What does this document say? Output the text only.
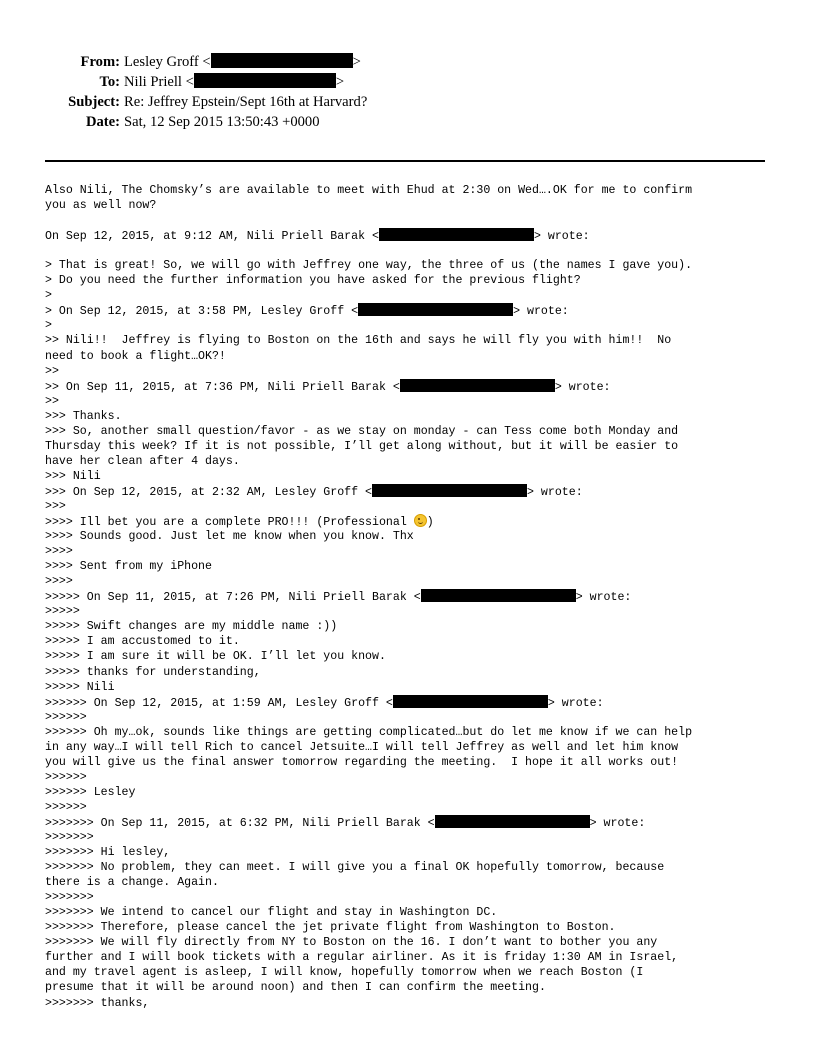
From: Lesley Groff <	>
To: Nili Priell <	>
Subject: Re: Jeffrey Epstein/Sept 16th at Harvard?
Date: Sat, 12 Sep 2015 13:50:43 +0000
Also Nili, The Chomsky’s are available to meet with Ehud at 2:30 on Wed….OK for me to confirm
you as well now?
On Sep 12, 2015, at 9:12 AM, Nili Priell Barak <	> wrote:
> That is great! So, we will go with Jeffrey one way, the three of us (the names I gave you).
> Do you need the further information you have asked for the previous flight?
>
> On Sep 12, 2015, at 3:58 PM, Lesley Groff <	> wrote:
>
>> Nili!!  Jeffrey is flying to Boston on the 16th and says he will fly you with him!!  No
need to book a flight…OK?!
>>
>> On Sep 11, 2015, at 7:36 PM, Nili Priell Barak <	> wrote:
>>
>>> Thanks.
>>> So, another small question/favor - as we stay on monday - can Tess come both Monday and
Thursday this week? If it is not possible, I’ll get along without, but it will be easier to
have her clean after 4 days.
>>> Nili
>>> On Sep 12, 2015, at 2:32 AM, Lesley Groff <	> wrote:
>>>
>>>> Ill bet you are a complete PRO!!! (Professional )
>>>> Sounds good. Just let me know when you know. Thx
>>>>
>>>> Sent from my iPhone
>>>>
>>>>> On Sep 11, 2015, at 7:26 PM, Nili Priell Barak <	> wrote:
>>>>>
>>>>> Swift changes are my middle name :))
>>>>> I am accustomed to it.
>>>>> I am sure it will be OK. I’ll let you know.
>>>>> thanks for understanding,
>>>>> Nili
>>>>>> On Sep 12, 2015, at 1:59 AM, Lesley Groff <	> wrote:
>>>>>>
>>>>>> Oh my…ok, sounds like things are getting complicated…but do let me know if we can help
in any way…I will tell Rich to cancel Jetsuite…I will tell Jeffrey as well and let him know
you will give us the final answer tomorrow regarding the meeting.  I hope it all works out!
>>>>>>
>>>>>> Lesley
>>>>>>
>>>>>>> On Sep 11, 2015, at 6:32 PM, Nili Priell Barak <	> wrote:
>>>>>>>
>>>>>>> Hi lesley,
>>>>>>> No problem, they can meet. I will give you a final OK hopefully tomorrow, because
there is a change. Again.
>>>>>>>
>>>>>>> We intend to cancel our flight and stay in Washington DC.
>>>>>>> Therefore, please cancel the jet private flight from Washington to Boston.
>>>>>>> We will fly directly from NY to Boston on the 16. I don’t want to bother you any
further and I will book tickets with a regular airliner. As it is friday 1:30 AM in Israel,
and my travel agent is asleep, I will know, hopefully tomorrow when we reach Boston (I
presume that it will be around noon) and then I can confirm the meeting.
>>>>>>> thanks,
